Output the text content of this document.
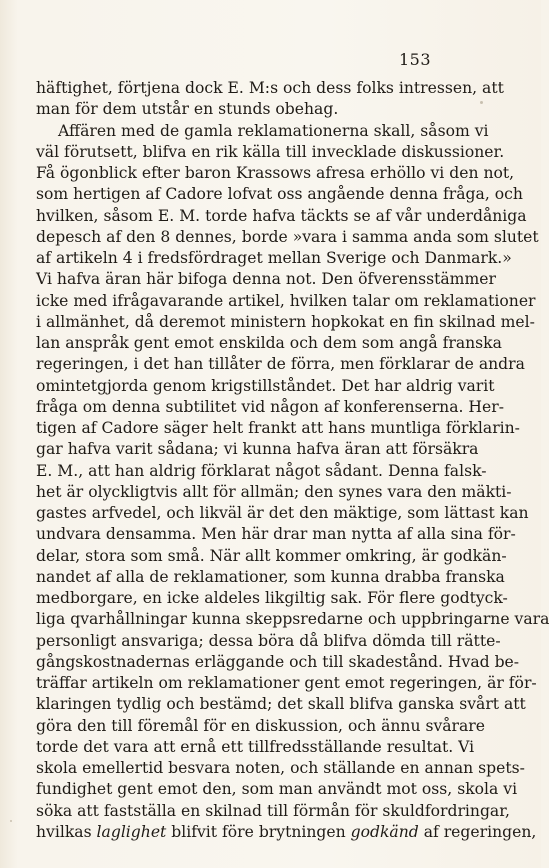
153
häftighet, förtjena dock E. M:s och dess folks intressen, att
man för dem utstår en stunds obehag.
Affären med de gamla reklamationerna skall, såsom vi
väl förutsett, blifva en rik källa till invecklade diskussioner.
Få ögonblick efter baron Krassows afresa erhöllo vi den not,
som hertigen af Cadore lofvat oss angående denna fråga, och
hvilken, såsom E. M. torde hafva täckts se af vår underdåniga
depesch af den 8 dennes, borde »vara i samma anda som slutet
af artikeln 4 i fredsfördraget mellan Sverige och Danmark.»
Vi hafva äran här bifoga denna not. Den öfverensstämmer
icke med ifrågavarande artikel, hvilken talar om reklamationer
i allmänhet, då deremot ministern hopkokat en fin skilnad mel-
lan anspråk gent emot enskilda och dem som angå franska
regeringen, i det han tillåter de förra, men förklarar de andra
omintetgjorda genom krigstillståndet. Det har aldrig varit
fråga om denna subtilitet vid någon af konferenserna. Her-
tigen af Cadore säger helt frankt att hans muntliga förklarin-
gar hafva varit sådana; vi kunna hafva äran att försäkra
E. M., att han aldrig förklarat något sådant. Denna falsk-
het är olyckligtvis allt för allmän; den synes vara den mäkti-
gastes arfvedel, och likväl är det den mäktige, som lättast kan
undvara densamma. Men här drar man nytta af alla sina för-
delar, stora som små. När allt kommer omkring, är godkän-
nandet af alla de reklamationer, som kunna drabba franska
medborgare, en icke aldeles likgiltig sak. För flere godtyck-
liga qvarhållningar kunna skeppsredarne och uppbringarne vara
personligt ansvariga; dessa böra då blifva dömda till rätte-
gångskostnadernas erläggande och till skadestånd. Hvad be-
träffar artikeln om reklamationer gent emot regeringen, är för-
klaringen tydlig och bestämd; det skall blifva ganska svårt att
göra den till föremål för en diskussion, och ännu svårare
torde det vara att ernå ett tillfredsställande resultat. Vi
skola emellertid besvara noten, och ställande en annan spets-
fundighet gent emot den, som man användt mot oss, skola vi
söka att fastställa en skilnad till förmån för skuldfordringar,
hvilkas laglighet blifvit före brytningen godkänd af regeringen,
